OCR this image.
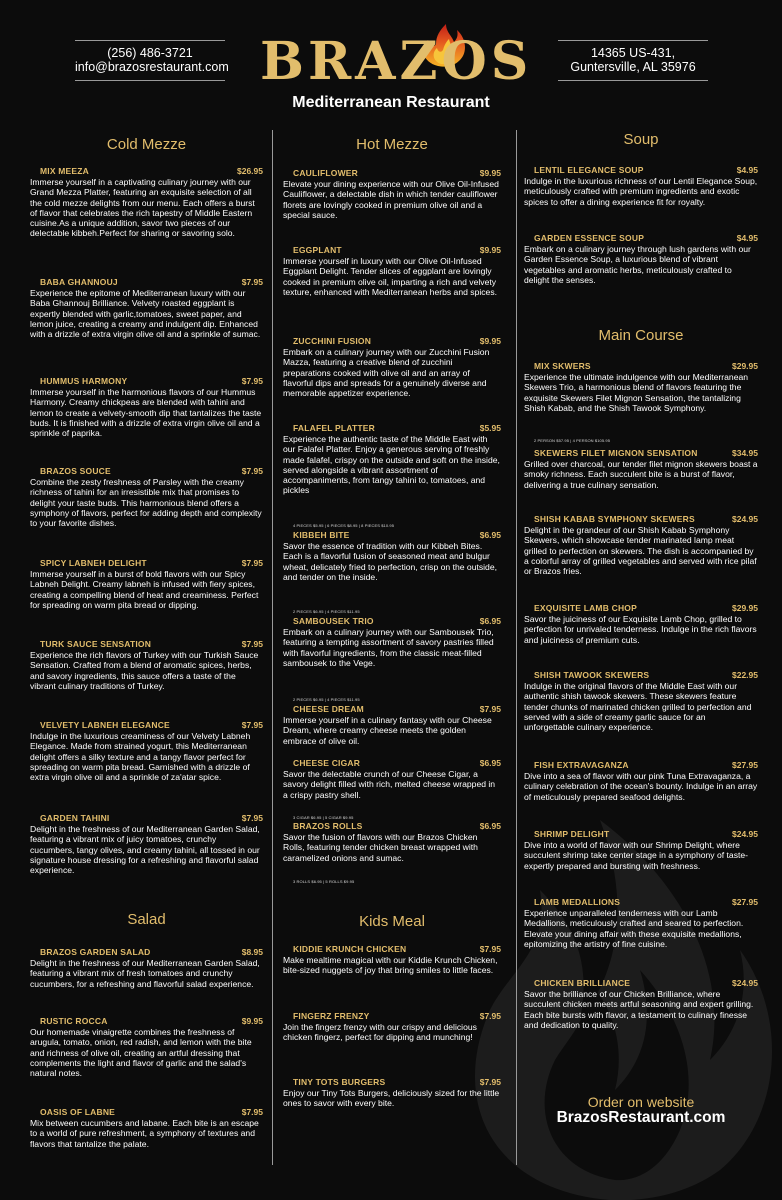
(256) 486-3721
info@brazosrestaurant.com BRAZOS
Mediterranean Restaurant
14365 US-431,
Guntersville, AL 35976
Cold Mezze
MIX MEEZA	$26.95
Immerse yourself in a captivating culinary journey with our Grand Mezza Platter, featuring an exquisite selection of all the cold mezze delights from our menu. Each offers a burst of flavor that celebrates the rich tapestry of Middle Eastern cuisine.As a unique addition, savor two pieces of our delectable kibbeh.Perfect for sharing or savoring solo.
BABA GHANNOUJ	$7.95
Experience the epitome of Mediterranean luxury with our Baba Ghannouj Brilliance. Velvety roasted eggplant is expertly blended with garlic,tomatoes, sweet paper, and lemon juice, creating a creamy and indulgent dip. Enhanced with a drizzle of extra virgin olive oil and a sprinkle of sumac.
HUMMUS HARMONY	$7.95
Immerse yourself in the harmonious flavors of our Hummus Harmony. Creamy chickpeas are blended with tahini and lemon to create a velvety-smooth dip that tantalizes the taste buds. It is finished with a drizzle of extra virgin olive oil and a sprinkle of paprika.
BRAZOS SOUCE	$7.95
Combine the zesty freshness of Parsley with the creamy richness of tahini for an irresistible mix that promises to delight your taste buds. This harmonious blend offers a symphony of flavors, perfect for adding depth and complexity to your favorite dishes.
SPICY LABNEH DELIGHT	$7.95
Immerse yourself in a burst of bold flavors with our Spicy Labneh Delight. Creamy labneh is infused with fiery spices, creating a compelling blend of heat and creaminess. Perfect for spreading on warm pita bread or dipping.
TURK SAUCE SENSATION	$7.95
Experience the rich flavors of Turkey with our Turkish Sauce Sensation. Crafted from a blend of aromatic spices, herbs, and savory ingredients, this sauce offers a taste of the vibrant culinary traditions of Turkey.
VELVETY LABNEH ELEGANCE	$7.95
Indulge in the luxurious creaminess of our Velvety Labneh Elegance. Made from strained yogurt, this Mediterranean delight offers a silky texture and a tangy flavor perfect for spreading on warm pita bread. Garnished with a drizzle of extra virgin olive oil and a sprinkle of za'atar spice.
GARDEN TAHINI	$7.95
Delight in the freshness of our Mediterranean Garden Salad, featuring a vibrant mix of juicy tomatoes, crunchy cucumbers, tangy olives, and creamy tahini, all tossed in our signature house dressing for a refreshing and flavorful salad experience.
Salad
BRAZOS GARDEN SALAD	$8.95
Delight in the freshness of our Mediterranean Garden Salad, featuring a vibrant mix of fresh tomatoes and crunchy cucumbers, for a refreshing and flavorful salad experience.
RUSTIC ROCCA	$9.95
Our homemade vinaigrette combines the freshness of arugula, tomato, onion, red radish, and lemon with the bite and richness of olive oil, creating an artful dressing that complements the light and flavor of garlic and the salad's natural notes.
OASIS OF LABNE	$7.95
Mix between cucumbers and labane. Each bite is an escape to a world of pure refreshment, a symphony of textures and flavors that tantalize the palate.
Hot Mezze
CAULIFLOWER	$9.95
Elevate your dining experience with our Olive Oil-Infused Cauliflower, a delectable dish in which tender cauliflower florets are lovingly cooked in premium olive oil and a special sauce.
EGGPLANT	$9.95
Immerse yourself in luxury with our Olive Oil-Infused Eggplant Delight. Tender slices of eggplant are lovingly cooked in premium olive oil, imparting a rich and velvety texture, enhanced with Mediterranean herbs and spices.
ZUCCHINI FUSION	$9.95
Embark on a culinary journey with our Zucchini Fusion Mazza, featuring a creative blend of zucchini preparations cooked with olive oil and an array of flavorful dips and spreads for a genuinely diverse and memorable appetizer experience.
FALAFEL PLATTER	$5.95
Experience the authentic taste of the Middle East with our Falafel Platter. Enjoy a generous serving of freshly made falafel, crispy on the outside and soft on the inside, served alongside a vibrant assortment of accompaniments, from tangy tahini to, tomatoes, and pickles
4 PIECES $5.95 | 6 PIECES $8.95 | 8 PIECES $10.95
KIBBEH BITE	$6.95
Savor the essence of tradition with our Kibbeh Bites. Each is a flavorful fusion of seasoned meat and bulgur wheat, delicately fried to perfection, crisp on the outside, and tender on the inside.
2 PIECES $6.95 | 4 PIECES $11.95
SAMBOUSEK TRIO	$6.95
Embark on a culinary journey with our Sambousek Trio, featuring a tempting assortment of savory pastries filled with flavorful ingredients, from the classic meat-filled sambousek to the Vege.
2 PIECES $6.95 | 4 PIECES $11.95
CHEESE DREAM	$7.95
Immerse yourself in a culinary fantasy with our Cheese Dream, where creamy cheese meets the golden embrace of olive oil.
CHEESE CIGAR	$6.95
Savor the delectable crunch of our Cheese Cigar, a savory delight filled with rich, melted cheese wrapped in a crispy pastry shell.
3 CIGAR $6.95 | 5 CIGAR $9.95
BRAZOS ROLLS	$6.95
Savor the fusion of flavors with our Brazos Chicken Rolls, featuring tender chicken breast wrapped with caramelized onions and sumac.
3 ROLLS $6.95 | 5 ROLLS $9.95
Kids Meal
KIDDIE KRUNCH CHICKEN	$7.95
Make mealtime magical with our Kiddie Krunch Chicken, bite-sized nuggets of joy that bring smiles to little faces.
FINGERZ FRENZY	$7.95
Join the fingerz frenzy with our crispy and delicious chicken fingerz, perfect for dipping and munching!
TINY TOTS BURGERS	$7.95
Enjoy our Tiny Tots Burgers, deliciously sized for the little ones to savor with every bite.
Soup
LENTIL ELEGANCE SOUP	$4.95
Indulge in the luxurious richness of our Lentil Elegance Soup, meticulously crafted with premium ingredients and exotic spices to offer a dining experience fit for royalty.
GARDEN ESSENCE SOUP	$4.95
Embark on a culinary journey through lush gardens with our Garden Essence Soup, a luxurious blend of vibrant vegetables and aromatic herbs, meticulously crafted to delight the senses.
Main Course
MIX SKWERS	$29.95
Experience the ultimate indulgence with our Mediterranean Skewers Trio, a harmonious blend of flavors featuring the exquisite Skewers Filet Mignon Sensation, the tantalizing Shish Kabab, and the Shish Tawook Symphony.
2 PERSON $57.95 | 4 PERSON $105.95
SKEWERS FILET MIGNON SENSATION	$34.95
Grilled over charcoal, our tender filet mignon skewers boast a smoky richness. Each succulent bite is a burst of flavor, delivering a true culinary sensation.
SHISH KABAB SYMPHONY SKEWERS	$24.95
Delight in the grandeur of our Shish Kabab Symphony Skewers, which showcase tender marinated lamp meat grilled to perfection on skewers. The dish is accompanied by a colorful array of grilled vegetables and served with rice pilaf or Brazos fries.
EXQUISITE LAMB CHOP	$29.95
Savor the juiciness of our Exquisite Lamb Chop, grilled to perfection for unrivaled tenderness. Indulge in the rich flavors and juiciness of premium cuts.
SHISH TAWOOK SKEWERS	$22.95
Indulge in the original flavors of the Middle East with our authentic shish tawook skewers. These skewers feature tender chunks of marinated chicken grilled to perfection and served with a side of creamy garlic sauce for an unforgettable culinary experience.
FISH EXTRAVAGANZA	$27.95
Dive into a sea of flavor with our pink Tuna Extravaganza, a culinary celebration of the ocean's bounty. Indulge in an array of meticulously prepared seafood delights.
SHRIMP DELIGHT	$24.95
Dive into a world of flavor with our Shrimp Delight, where succulent shrimp take center stage in a symphony of taste-expertly prepared and bursting with freshness.
LAMB MEDALLIONS	$27.95
Experience unparalleled tenderness with our Lamb Medallions, meticulously crafted and seared to perfection. Elevate your dining affair with these exquisite medallions, epitomizing the artistry of fine cuisine.
CHICKEN BRILLIANCE	$24.95
Savor the brilliance of our Chicken Brilliance, where succulent chicken meets artful seasoning and expert grilling. Each bite bursts with flavor, a testament to culinary finesse and dedication to quality.
Order on website
BrazosRestaurant.com
